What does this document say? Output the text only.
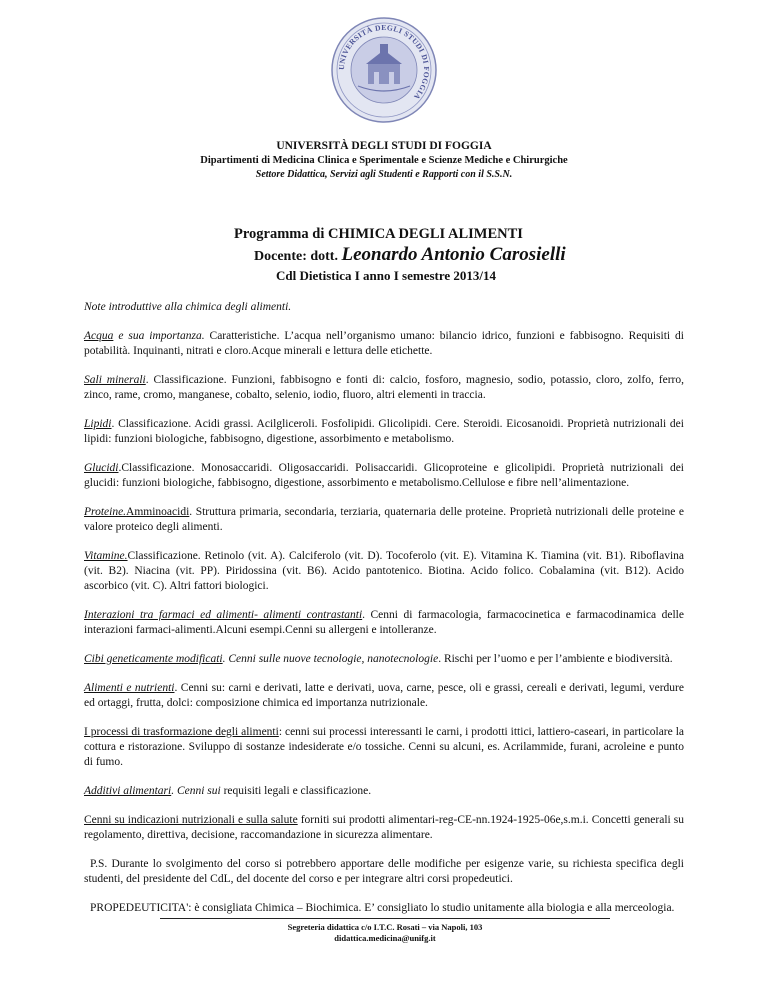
UNIVERSITÀ DEGLI STUDI DI FOGGIA
UNIVERSITÀ DEGLI STUDI DI FOGGIA
Dipartimenti di Medicina Clinica e Sperimentale e Scienze Mediche e Chirurgiche
Settore Didattica, Servizi agli Studenti e Rapporti con il S.S.N.
Programma di CHIMICA DEGLI ALIMENTI
Docente: dott. Leonardo Antonio Carosielli
Cdl Dietistica I anno I semestre 2013/14

Note introduttive alla chimica degli alimenti.

Acqua e sua importanza. Caratteristiche. L’acqua nell’organismo umano: bilancio idrico, funzioni e fabbisogno. Requisiti di potabilità. Inquinanti, nitrati e cloro.Acque minerali e lettura delle etichette.

Sali minerali. Classificazione. Funzioni, fabbisogno e fonti di: calcio, fosforo, magnesio, sodio, potassio, cloro, zolfo, ferro, zinco, rame, cromo, manganese, cobalto, selenio, iodio, fluoro, altri elementi in traccia.

Lipidi. Classificazione. Acidi grassi. Acilgliceroli. Fosfolipidi. Glicolipidi. Cere. Steroidi. Eicosanoidi. Proprietà nutrizionali dei lipidi: funzioni biologiche, fabbisogno, digestione, assorbimento e metabolismo.

Glucidi.Classificazione. Monosaccaridi. Oligosaccaridi. Polisaccaridi. Glicoproteine e glicolipidi. Proprietà nutrizionali dei glucidi: funzioni biologiche, fabbisogno, digestione, assorbimento e metabolismo.Cellulose e fibre nell’alimentazione.

Proteine.Amminoacidi. Struttura primaria, secondaria, terziaria, quaternaria delle proteine. Proprietà nutrizionali delle proteine e valore proteico degli alimenti.

Vitamine.Classificazione. Retinolo (vit. A). Calciferolo (vit. D). Tocoferolo (vit. E). Vitamina K. Tiamina (vit. B1). Riboflavina (vit. B2). Niacina (vit. PP). Piridossina (vit. B6). Acido pantotenico. Biotina. Acido folico. Cobalamina (vit. B12). Acido ascorbico (vit. C). Altri fattori biologici.

Interazioni tra farmaci ed alimenti- alimenti contrastanti. Cenni di farmacologia, farmacocinetica e farmacodinamica delle interazioni farmaci-alimenti.Alcuni esempi.Cenni su allergeni e intolleranze.

Cibi geneticamente modificati. Cenni sulle nuove tecnologie, nanotecnologie. Rischi per l’uomo e per l’ambiente e biodiversità.

Alimenti e nutrienti. Cenni su: carni e derivati, latte e derivati, uova, carne, pesce, oli e grassi, cereali e derivati, legumi, verdure ed ortaggi, frutta, dolci: composizione chimica ed importanza nutrizionale.

I processi di trasformazione degli alimenti: cenni sui processi interessanti le carni, i prodotti ittici, lattiero-caseari, in particolare la cottura e ristorazione. Sviluppo di sostanze indesiderate e/o tossiche. Cenni su alcuni, es. Acrilammide, furani, acroleine e punto di fumo.

Additivi alimentari. Cenni sui requisiti legali e classificazione.

Cenni su indicazioni nutrizionali e sulla salute forniti sui prodotti alimentari-reg-CE-nn.1924-1925-06e,s.m.i. Concetti generali su regolamento, direttiva, decisione, raccomandazione in sicurezza alimentare.

P.S. Durante lo svolgimento del corso si potrebbero apportare delle modifiche per esigenze varie, su richiesta specifica degli studenti, del presidente del CdL, del docente del corso e per integrare altri corsi propedeutici.

PROPEDEUTICITA': è consigliata Chimica – Biochimica. E’ consigliato lo studio unitamente alla biologia e alla merceologia.

Segreteria didattica c/o I.T.C. Rosati – via Napoli, 103
didattica.medicina@unifg.it
